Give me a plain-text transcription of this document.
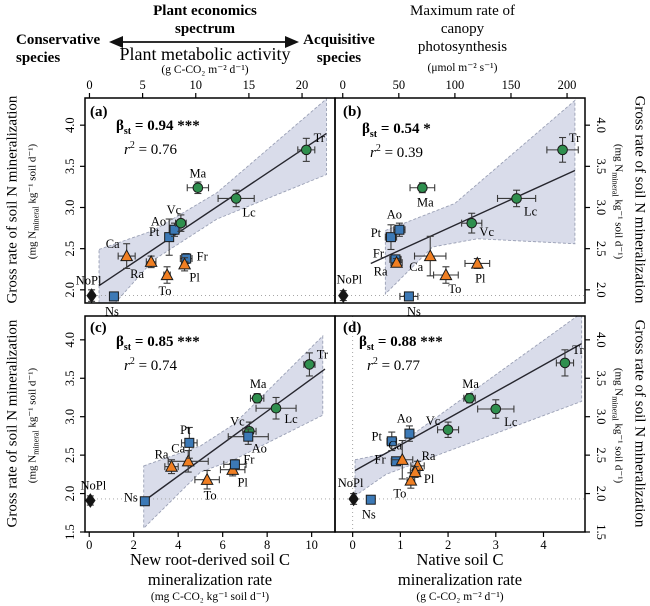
NoPl
Ns
Ca
Ra
To
Pt
Ao
Vc
Fr
Pl
Ma
Lc
Tr
0	5	10	15	20
2.0
2.5
3.0
3.5
4.0
NoPl
Ns
Pt
Ao
Fr
Ra Ca
To
Pl
Ma
Vc
Lc
Tr
0	50	100	150	200
2.0
2.5
3.0
3.5
4.0
NoPl
Ns
Ra Ca
Pt
To
Pl
Fr
Vc
Ao
Ma
Lc
Tr
0	2	4	6	8	10
1.5
2.0
2.5
3.0
3.5
4.0
NoPl
Ns
Pt
Ao
Fr
Ca
Ra
To
Pl
Vc
Ma
Lc
Tr
0	1	2	3	4
1.5
2.0
2.5
3.0
3.5
4.0
Conservative
species
Plant economics
spectrum
Plant metabolic activity
(g C-CO₂ m⁻² d⁻¹)
Acquisitive
species
Maximum rate of
canopy
photosynthesis
(μmol m⁻² s⁻¹)
(a)
$\beta_{st} = 0.94$ ***
$r^2 = 0.76$
(b)
$\beta_{st} = 0.54$ *
$r^2 = 0.39$
(c)
$\beta_{st} = 0.85$ ***
$r^2 = 0.74$
(d)
$\beta_{st} = 0.88$ ***
$r^2 = 0.77$
Gross rate of soil N mineralization (mg $N_{mineral}$ kg⁻¹ soil d⁻¹)
Gross rate of soil N mineralization (mg $N_{mineral}$ kg⁻¹ soil d⁻¹)
Gross rate of soil N mineralization
(mg $N_{mineral}$ kg⁻¹ soil d⁻¹)
Gross rate of soil N mineralization
(mg $N_{mineral}$ kg⁻¹ soil d⁻¹)
New root-derived soil C
mineralization rate
(mg C-CO₂ kg⁻¹ soil d⁻¹)
Native soil C
mineralization rate
(g C-CO₂ m⁻² d⁻¹)
